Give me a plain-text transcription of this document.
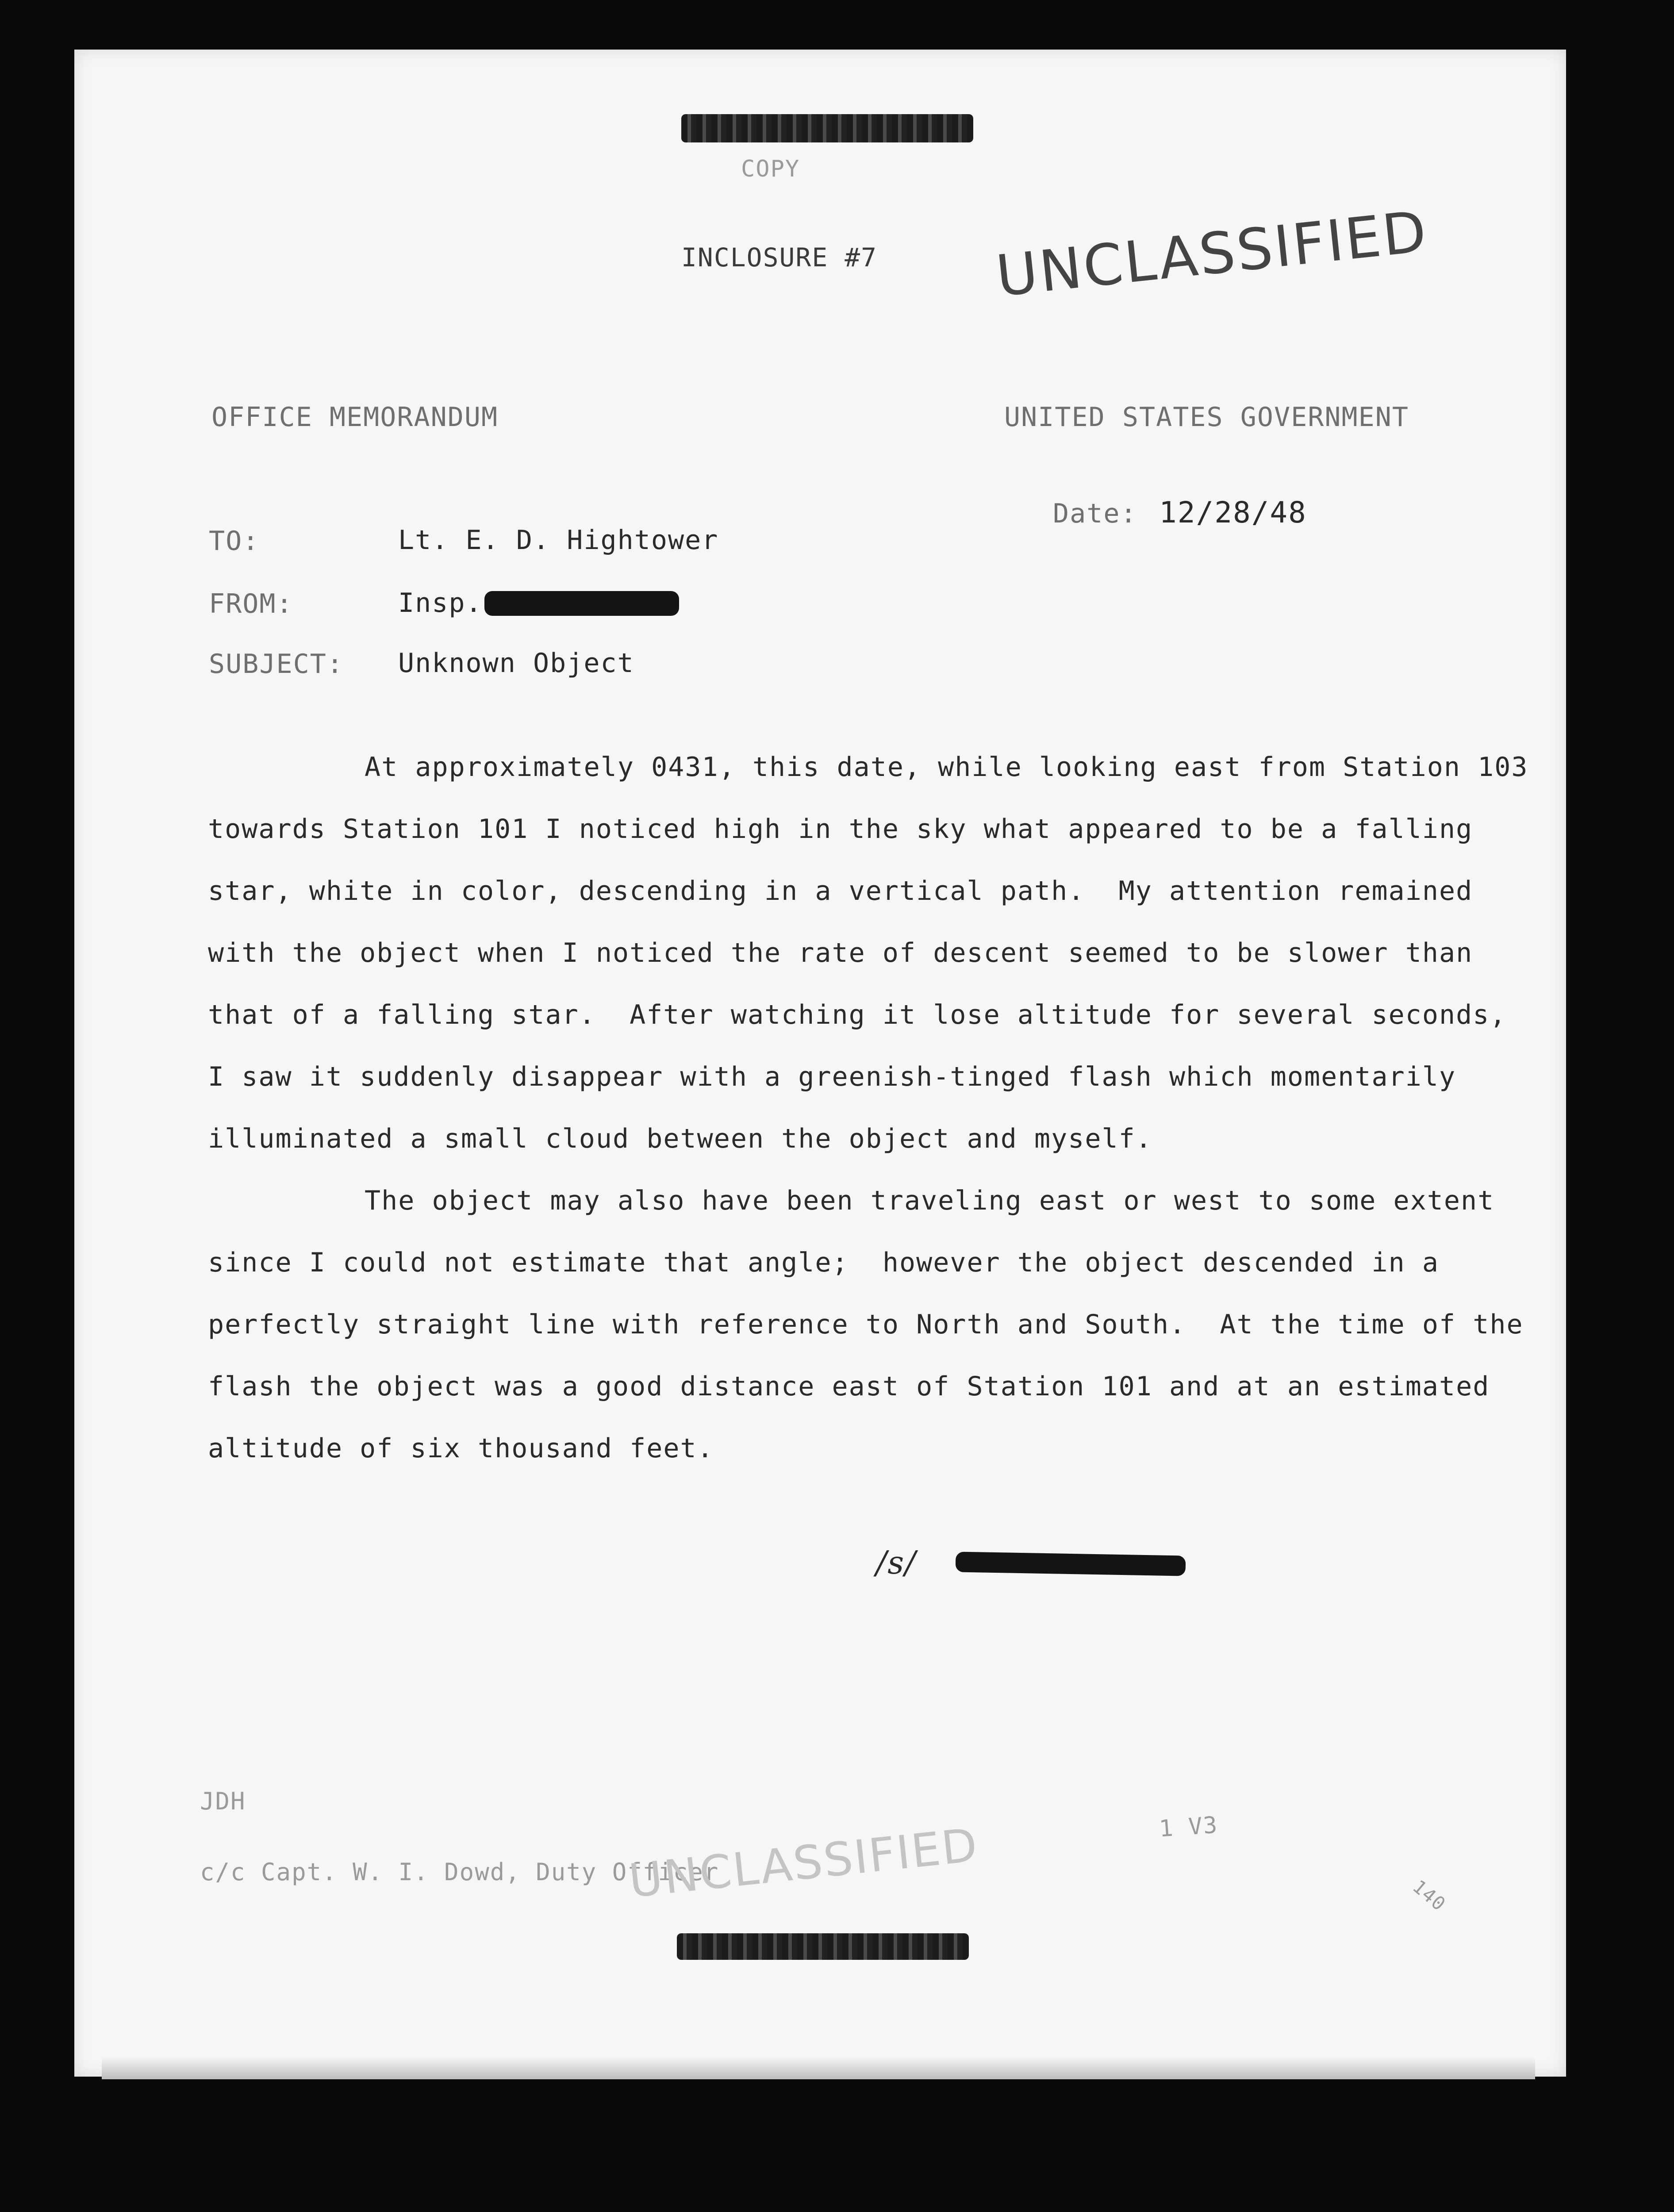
COPY
INCLOSURE #7 UNCLASSIFIED
OFFICE MEMORANDUM	UNITED STATES GOVERNMENT
Date: 12/28/48
TO:	Lt. E. D. Hightower
FROM:	Insp.
SUBJECT: Unknown Object
At approximately 0431, this date, while looking east from Station 103
towards Station 101 I noticed high in the sky what appeared to be a falling
star, white in color, descending in a vertical path.  My attention remained
with the object when I noticed the rate of descent seemed to be slower than
that of a falling star.  After watching it lose altitude for several seconds,
I saw it suddenly disappear with a greenish-tinged flash which momentarily
illuminated a small cloud between the object and myself.
The object may also have been traveling east or west to some extent
since I could not estimate that angle;  however the object descended in a
perfectly straight line with reference to North and South.  At the time of the
flash the object was a good distance east of Station 101 and at an estimated
altitude of six thousand feet.
/s/
JDH
c/c Capt. W. I. Dowd, Duty Officer
UNCLASSIFIED	1 V3
140
